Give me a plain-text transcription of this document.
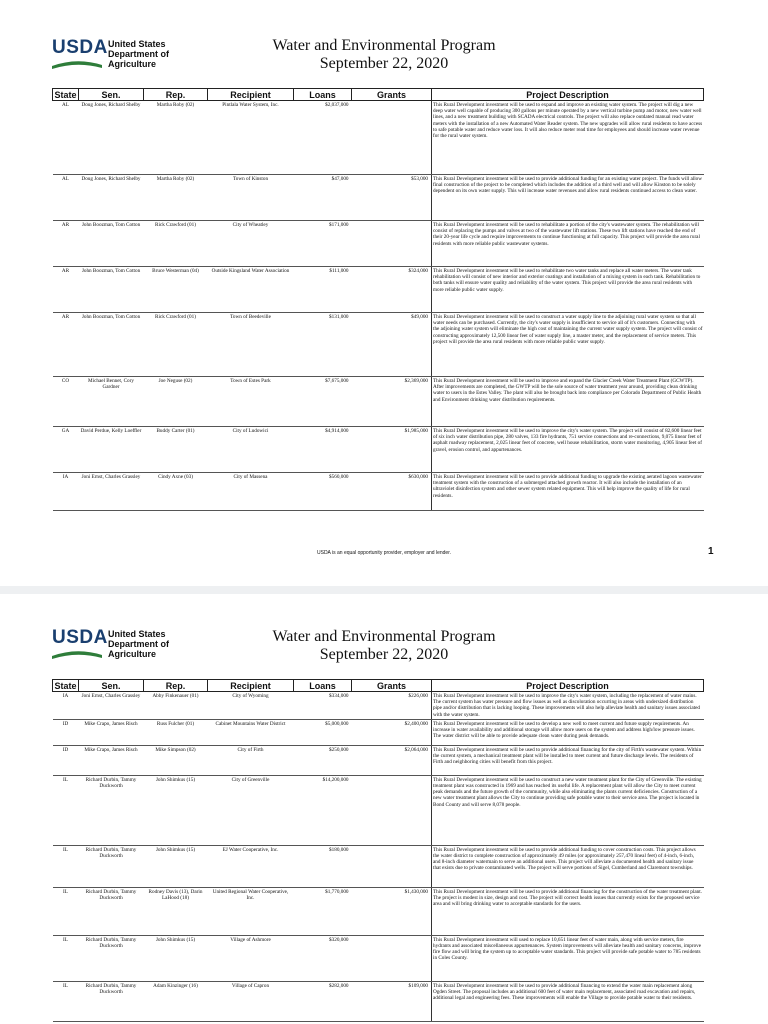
USDA United States
Department of
Agriculture
Water and Environmental Program
September 22, 2020
State	Sen.	Rep.	Recipient	Loans	Grants	Project Description
AL	Doug Jones, Richard Shelby	Martha Roby (02)	Pintlala Water System, Inc.	$2,037,000		This Rural Development investment will be used to expand and improve an existing water system. The project will dig a new deep water well capable of producing 300 gallons per minute operated by a new vertical turbine pump and motor, new water well lines, and a new treatment building with SCADA electrical controls. The project will also replace outdated manual read water meters with the installation of a new Automated Water Reader system. The new upgrades will allow rural residents to have access to safe potable water and reduce water loss. It will also reduce meter read time for employees and should increase water revenue for the rural water system.
AL	Doug Jones, Richard Shelby	Martha Roby (02)	Town of Kinston	$47,000	$53,000	This Rural Development investment will be used to provide additional funding for an existing water project. The funds will allow final construction of the project to be completed which includes the addition of a third well and will allow Kinston to be solely dependent on its own water supply. This will increase water revenues and allow rural residents continued access to clean water.
AR	John Boozman, Tom Cotton	Rick Crawford (01)	City of Wheatley	$171,000		This Rural Development investment will be used to rehabilitate a portion of the city's wastewater system. The rehabilitation will consist of replacing the pumps and valves at two of the wastewater lift stations. These two lift stations have reached the end of their 20-year life cycle and require improvements to continue functioning at full capacity. This project will provide the area rural residents with more reliable public wastewater systems.
AR	John Boozman, Tom Cotton	Bruce Westerman (04)	Outside Kingsland Water Association	$111,000	$324,000	This Rural Development investment will be used to rehabilitate two water tanks and replace all water meters. The water tank rehabilitation will consist of new interior and exterior coatings and installation of a mixing system in each tank. Rehabilitation to both tanks will ensure water quality and reliability of the water system. This project will provide the area rural residents with more reliable public water supply.
AR	John Boozman, Tom Cotton	Rick Crawford (01)	Town of Beedeville	$131,000	$49,000	This Rural Development investment will be used to construct a water supply line to the adjoining rural water system so that all water needs can be purchased. Currently, the city's water supply is insufficient to service all of it's customers. Connecting with the adjoining water system will eliminate the high cost of maintaining the current water supply system. The project will consist of constructing approximately 12,500 linear feet of water supply line, a master meter, and the replacement of service meters. This project will provide the area rural residents with more reliable public water supply.
CO	Michael Bennet, Cory Gardner	Joe Neguse (02)	Town of Estes Park	$7,675,000	$2,369,000	This Rural Development investment will be used to improve and expand the Glacier Creek Water Treatment Plant (GCWTP). After improvements are completed, the GWTP will be the sole source of water treatment year around, providing clean drinking water to users in the Estes Valley. The plant will also be brought back into compliance per Colorado Department of Public Health and Environment drinking water distribution requirements.
GA	David Perdue, Kelly Loeffler	Buddy Carter (01)	City of Ludowici	$4,914,000	$1,985,000	This Rural Development investment will be used to improve the city's water system. The project will consist of 82,600 linear feet of six inch water distribution pipe, 280 valves, 133 fire hydrants, 751 service connections and re-connections, 9,075 linear feet of asphalt roadway replacement, 2,025 linear feet of concrete, well house rehabilitation, storm water monitoring, 4,905 linear feet of gravel, erosion control, and appurtenances.
IA	Joni Ernst, Charles Grassley	Cindy Axne (03)	City of Massena	$560,000	$630,000	This Rural Development investment will be used to provide additional funding to upgrade the existing aerated lagoon wastewater treatment system with the construction of a submerged attached growth reactor. It will also include the installation of an ultraviolet disinfection system and other sewer system related equipment. This will help improve the quality of life for rural residents.
USDA is an equal opportunity provider, employer and lender.	1
USDA United States
Department of
Agriculture
Water and Environmental Program
September 22, 2020
State	Sen.	Rep.	Recipient	Loans	Grants	Project Description
IA	Joni Ernst, Charles Grassley	Abby Finkenauer (01)	City of Wyoming	$334,000	$226,000	This Rural Development investment will be used to improve the city's water system, including the replacement of water mains. The current system has water pressure and flow issues as well as discoloration occurring in areas with undersized distribution pipe and/or distribution that is lacking looping. These improvements will also help alleviate health and sanitary issues associated with the water system.
ID	Mike Crapo, James Risch	Russ Fulcher (01)	Cabinet Mountains Water District	$5,000,000	$2,400,000	This Rural Development investment will be used to develop a new well to meet current and future supply requirements. An increase in water availability and additional storage will allow more users on the system and address high/low pressure issues. The water district will be able to provide adequate clean water during peak demands.
ID	Mike Crapo, James Risch	Mike Simpson (02)	City of Firth	$250,000	$2,064,000	This Rural Development investment will be used to provide additional financing for the city of Firth's wastewater system. Within the current system, a mechanical treatment plant will be installed to meet current and future discharge levels. The residents of Firth and neighboring cities will benefit from this project.
IL	Richard Durbin, Tammy Duckworth	John Shimkus (15)	City of Greenville	$14,200,000		This Rural Development investment will be used to construct a new water treatment plant for the City of Greenville. The existing treatment plant was constructed in 1969 and has reached its useful life. A replacement plant will allow the City to meet current peak demands and the future growth of the community, while also eliminating the plants current deficiencies. Construction of a new water treatment plant allows the City to continue providing safe potable water to their service area. The project is located in Bond County and will serve 8,078 people.
IL	Richard Durbin, Tammy Duckworth	John Shimkus (15)	EJ Water Cooperative, Inc.	$180,000		This Rural Development investment will be used to provide additional funding to cover construction costs. This project allows the water district to complete construction of approximately 49 miles (or approximately 257,470 lineal feet) of 4-inch, 6-inch, and 8-inch diameter watermain to serve an additional users. This project will alleviate a documented health and sanitary issue that exists due to private contaminated wells. The project will serve portions of Sigel, Cumberland and Claremont townships.
IL	Richard Durbin, Tammy Duckworth	Rodney Davis (13), Darin LaHood (18)	United Regional Water Cooperative, Inc.	$1,770,000	$1,430,000	This Rural Development investment will be used to provide additional financing for the construction of the water treatment plant. The project is modest in size, design and cost. The project will correct health issues that currently exists for the proposed service area and will bring drinking water to acceptable standards for the users.
IL	Richard Durbin, Tammy Duckworth	John Shimkus (15)	Village of Ashmore	$320,000		This Rural Development investment will used to replace 10,651 linear feet of water main, along with service meters, fire hydrants and associated miscellaneous appurtenances. System improvements will alleviate health and sanitary concerns, improve fire flow and will bring the system up to acceptable water standards. This project will provide safe potable water to 785 residents in Coles County.
IL	Richard Durbin, Tammy Duckworth	Adam Kinzinger (16)	Village of Capron	$282,000	$109,000	This Rural Development investment will be used to provide additional financing to extend the water main replacement along Ogden Street. The proposal includes an additional 600 feet of water main replacement, associated road excavation and repairs, additional legal and engineering fees. These improvements will enable the Village to provide potable water to their residents.
